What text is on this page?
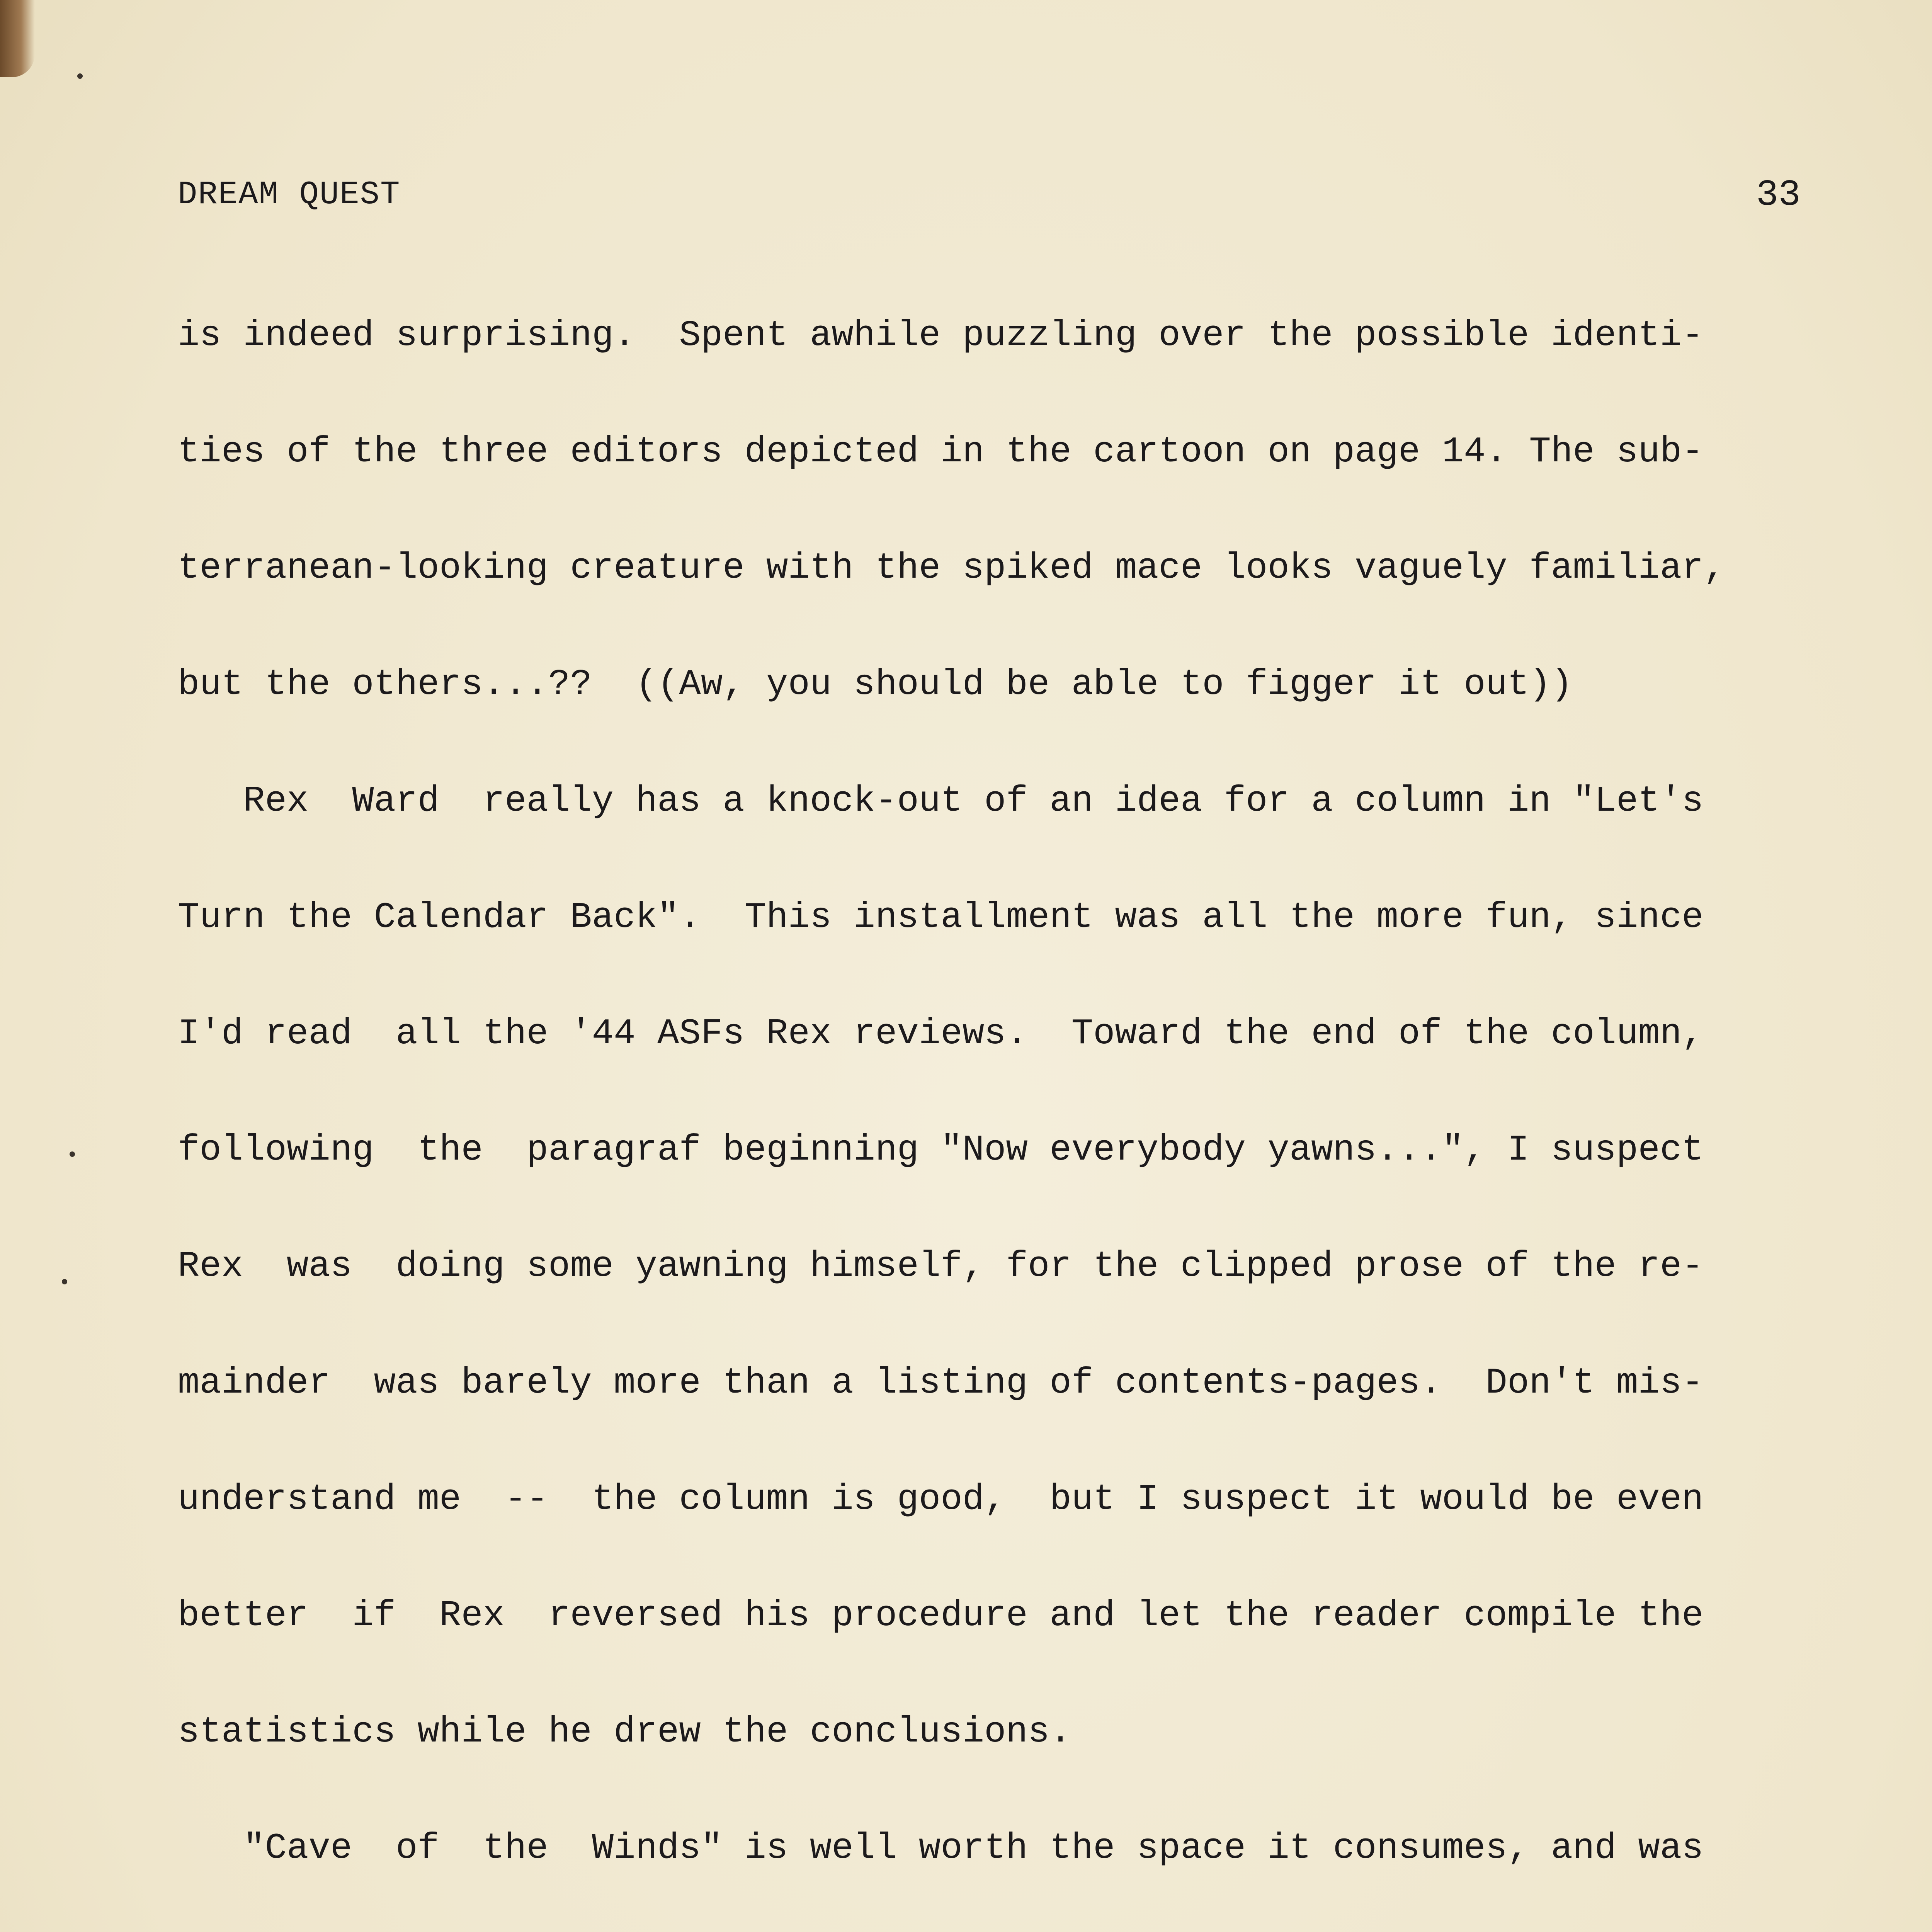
DREAM QUEST	33

is indeed surprising.  Spent awhile puzzling over the possible identi-

ties of the three editors depicted in the cartoon on page 14. The sub-

terranean-looking creature with the spiked mace looks vaguely familiar,

but the others...??  ((Aw, you should be able to figger it out))

Rex  Ward  really has a knock-out of an idea for a column in "Let's

Turn the Calendar Back".  This installment was all the more fun, since

I'd read  all the '44 ASFs Rex reviews.  Toward the end of the column,

following  the  paragraf beginning "Now everybody yawns...", I suspect

Rex  was  doing some yawning himself, for the clipped prose of the re-

mainder  was barely more than a listing of contents-pages.  Don't mis-

understand me  --  the column is good,  but I suspect it would be even

better  if  Rex  reversed his procedure and let the reader compile the

statistics while he drew the conclusions.

"Cave  of  the  Winds" is well worth the space it consumes, and was
